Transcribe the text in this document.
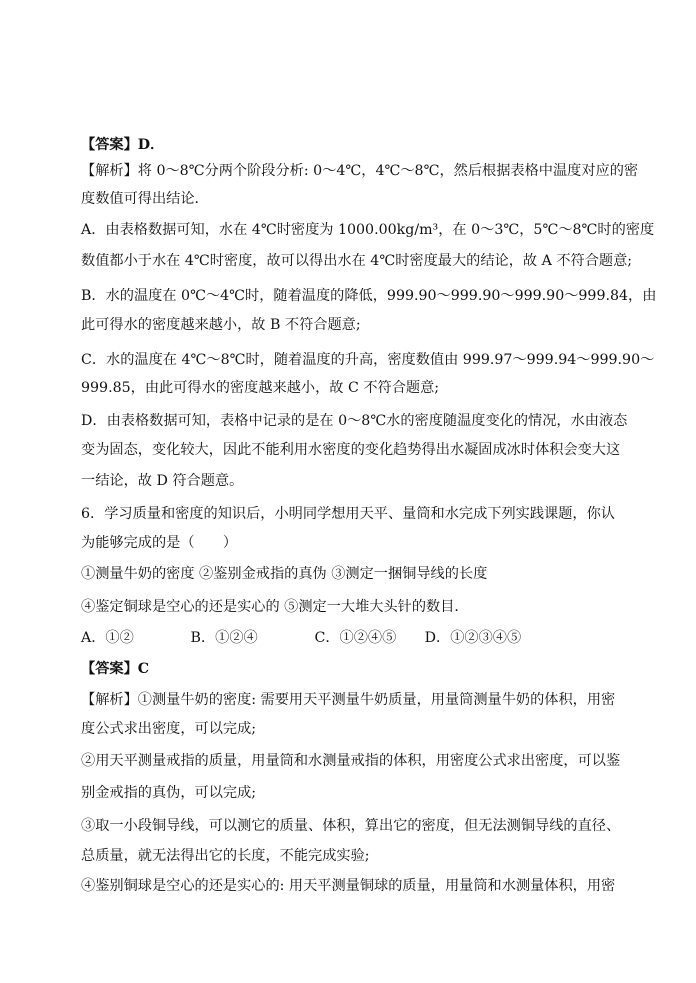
【答案】D．
【解析】将 0～8℃分两个阶段分析: 0～4℃，4℃～8℃，然后根据表格中温度对应的密
度数值可得出结论．
A．由表格数据可知，水在 4℃时密度为 1000.00kg/m³，在 0～3℃，5℃～8℃时的密度
数值都小于水在 4℃时密度，故可以得出水在 4℃时密度最大的结论，故 A 不符合题意;
B．水的温度在 0℃～4℃时，随着温度的降低，999.90～999.90～999.90～999.84，由
此可得水的密度越来越小，故 B 不符合题意;
C．水的温度在 4℃～8℃时，随着温度的升高，密度数值由 999.97～999.94～999.90～
999.85，由此可得水的密度越来越小，故 C 不符合题意;
D．由表格数据可知，表格中记录的是在 0～8℃水的密度随温度变化的情况，水由液态
变为固态，变化较大，因此不能利用水密度的变化趋势得出水凝固成冰时体积会变大这
一结论，故 D 符合题意。
6．学习质量和密度的知识后，小明同学想用天平、量筒和水完成下列实践课题，你认
为能够完成的是（　　）
①测量牛奶的密度 ②鉴别金戒指的真伪 ③测定一捆铜导线的长度
④鉴定铜球是空心的还是实心的 ⑤测定一大堆大头针的数目．
A．①②　　　　B．①②④　　　　C．①②④⑤　　D．①②③④⑤
【答案】C
【解析】①测量牛奶的密度: 需要用天平测量牛奶质量，用量筒测量牛奶的体积，用密
度公式求出密度，可以完成;
②用天平测量戒指的质量，用量筒和水测量戒指的体积，用密度公式求出密度，可以鉴
别金戒指的真伪，可以完成;
③取一小段铜导线，可以测它的质量、体积，算出它的密度，但无法测铜导线的直径、
总质量，就无法得出它的长度，不能完成实验;
④鉴别铜球是空心的还是实心的: 用天平测量铜球的质量，用量筒和水测量体积，用密
